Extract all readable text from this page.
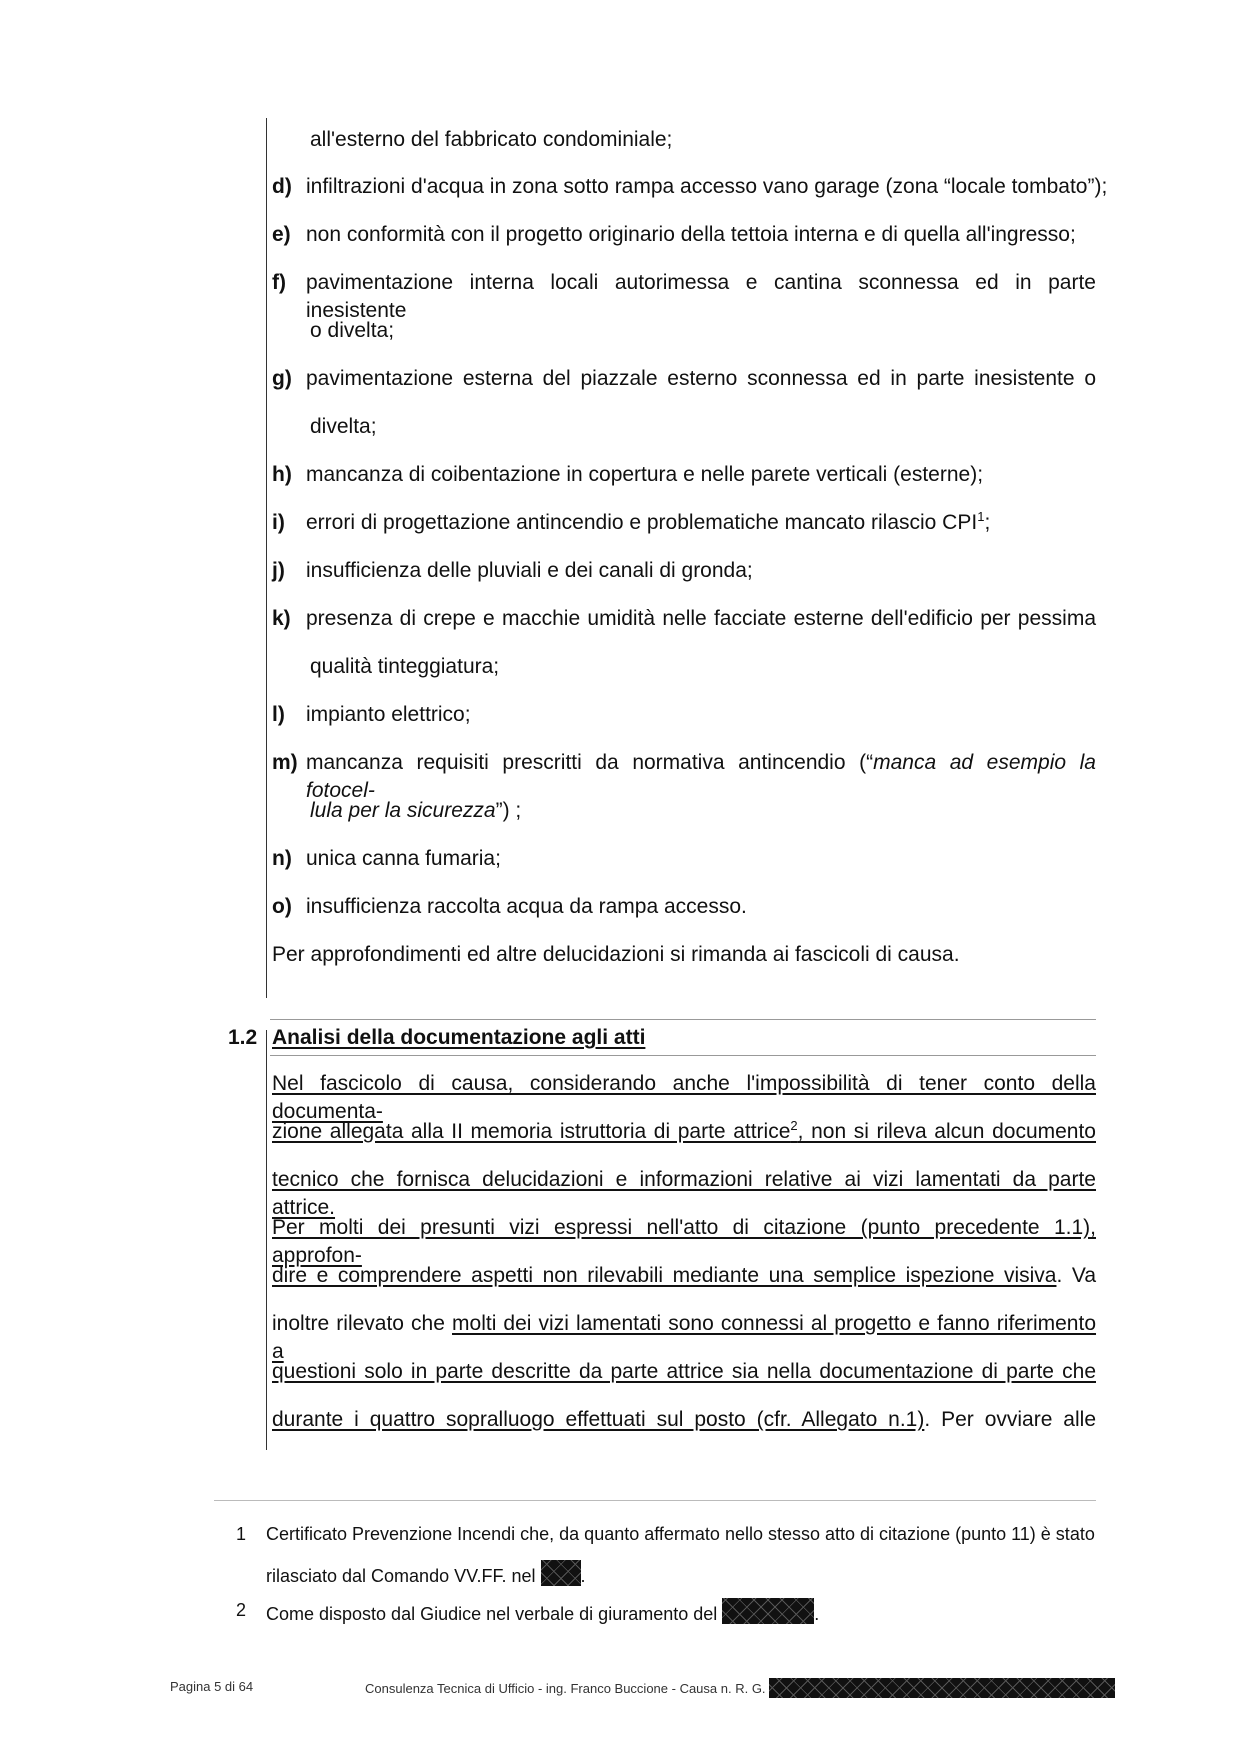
all'esterno del fabbricato condominiale;
d) infiltrazioni d'acqua in zona sotto rampa accesso vano garage (zona “locale tombato”);
e) non conformità con il progetto originario della tettoia interna e di quella all'ingresso;
f) pavimentazione interna locali autorimessa e cantina sconnessa ed in parte inesistente
o divelta;
g) pavimentazione esterna del piazzale esterno sconnessa ed in parte inesistente o
divelta;
h) mancanza di coibentazione in copertura e nelle parete verticali (esterne);
i) errori di progettazione antincendio e problematiche mancato rilascio CPI$^1$;
j) insufficienza delle pluviali e dei canali di gronda;
k) presenza di crepe e macchie umidità nelle facciate esterne dell'edificio per pessima
qualità tinteggiatura;
l) impianto elettrico;
m) mancanza requisiti prescritti da normativa antincendio (“manca ad esempio la fotocel-
lula per la sicurezza”) ;
n) unica canna fumaria;
o) insufficienza raccolta acqua da rampa accesso.
Per approfondimenti ed altre delucidazioni si rimanda ai fascicoli di causa.
1.2 Analisi della documentazione agli atti
Nel fascicolo di causa, considerando anche l'impossibilità di tener conto della documenta-
zione allegata alla II memoria istruttoria di parte attrice$^2$, non si rileva alcun documento
tecnico che fornisca delucidazioni e informazioni relative ai vizi lamentati da parte attrice.
Per molti dei presunti vizi espressi nell'atto di citazione (punto precedente 1.1), approfon-
dire e comprendere aspetti non rilevabili mediante una semplice ispezione visiva. Va
inoltre rilevato che molti dei vizi lamentati sono connessi al progetto e fanno riferimento a
questioni solo in parte descritte da parte attrice sia nella documentazione di parte che
durante i quattro sopralluogo effettuati sul posto (cfr. Allegato n.1). Per ovviare alle
1 Certificato Prevenzione Incendi che, da quanto affermato nello stesso atto di citazione (punto 11) è stato
rilasciato dal Comando VV.FF. nel	.
2 Come disposto dal Giudice nel verbale di giuramento del	.
Pagina 5 di 64	Consulenza Tecnica di Ufficio - ing. Franco Buccione - Causa n. R. G.
